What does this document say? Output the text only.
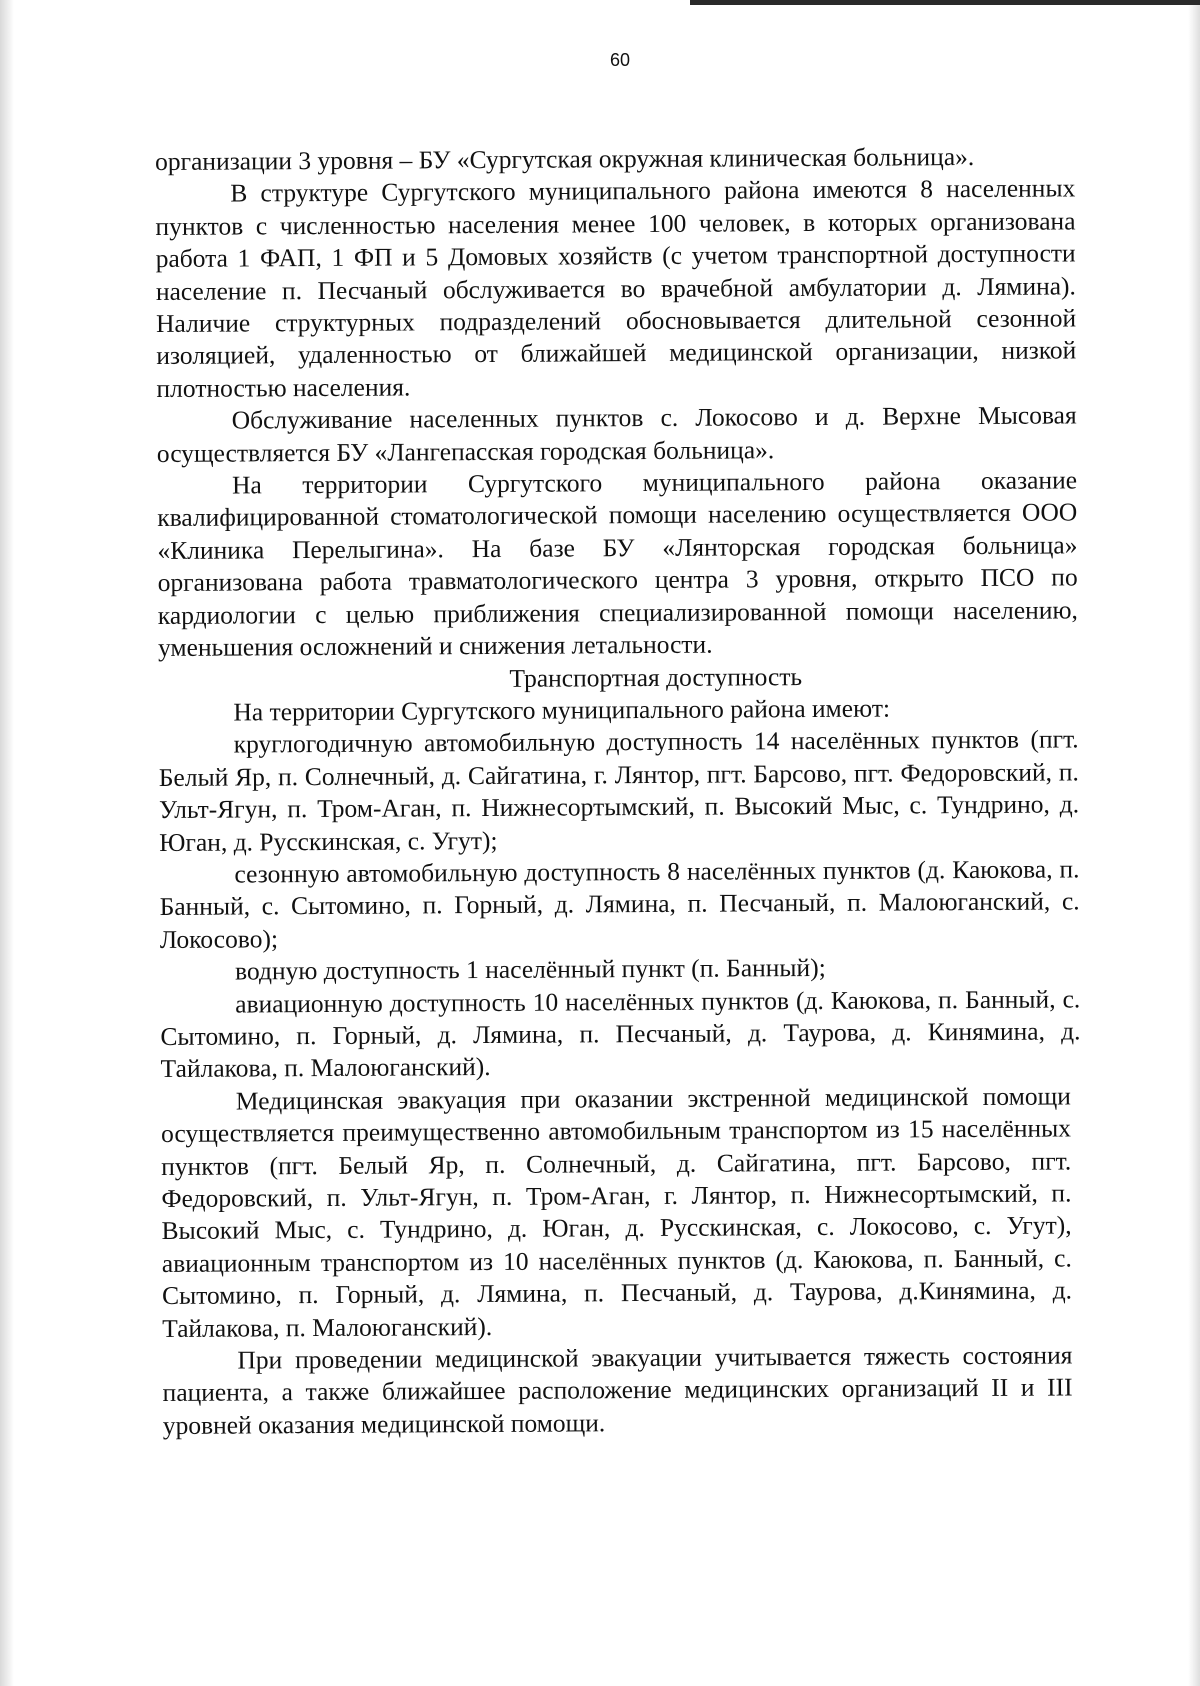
60

организации 3 уровня – БУ «Сургутская окружная клиническая больница».

В структуре Сургутского муниципального района имеются 8 населенных пунктов с численностью населения менее 100 человек, в которых организована работа 1 ФАП, 1 ФП и 5 Домовых хозяйств (с учетом транспортной доступности население п. Песчаный обслуживается во врачебной амбулатории д. Лямина). Наличие структурных подразделений обосновывается длительной сезонной изоляцией, удаленностью от ближайшей медицинской организации, низкой плотностью населения.

Обслуживание населенных пунктов с. Локосово и д. Верхне Мысовая осуществляется БУ «Лангепасская городская больница».

На территории Сургутского муниципального района оказание квалифицированной стоматологической помощи населению осуществляется ООО «Клиника Перелыгина». На базе БУ «Лянторская городская больница» организована работа травматологического центра 3 уровня, открыто ПСО по кардиологии с целью приближения специализированной помощи населению, уменьшения осложнений и снижения летальности.

Транспортная доступность

На территории Сургутского муниципального района имеют:

круглогодичную автомобильную доступность 14 населённых пунктов (пгт. Белый Яр, п. Солнечный, д. Сайгатина, г. Лянтор, пгт. Барсово, пгт. Федоровский, п. Ульт-Ягун, п. Тром-Аган, п. Нижнесортымский, п. Высокий Мыс, с. Тундрино, д. Юган, д. Русскинская, с. Угут);

сезонную автомобильную доступность 8 населённых пунктов (д. Каюкова, п. Банный, с. Сытомино, п. Горный, д. Лямина, п. Песчаный, п. Малоюганский, с. Локосово);

водную доступность 1 населённый пункт (п. Банный);

авиационную доступность 10 населённых пунктов (д. Каюкова, п. Банный, с. Сытомино, п. Горный, д. Лямина, п. Песчаный, д. Таурова, д. Кинямина, д. Тайлакова, п. Малоюганский).

Медицинская эвакуация при оказании экстренной медицинской помощи осуществляется преимущественно автомобильным транспортом из 15 населённых пунктов (пгт. Белый Яр, п. Солнечный, д. Сайгатина, пгт. Барсово, пгт. Федоровский, п. Ульт-Ягун, п. Тром-Аган, г. Лянтор, п. Нижнесортымский, п. Высокий Мыс, с. Тундрино, д. Юган, д. Русскинская, с. Локосово, с. Угут), авиационным транспортом из 10 населённых пунктов (д. Каюкова, п. Банный, с. Сытомино, п. Горный, д. Лямина, п. Песчаный, д. Таурова, д.Кинямина, д. Тайлакова, п. Малоюганский).

При проведении медицинской эвакуации учитывается тяжесть состояния пациента, а также ближайшее расположение медицинских организаций II и III уровней оказания медицинской помощи.
